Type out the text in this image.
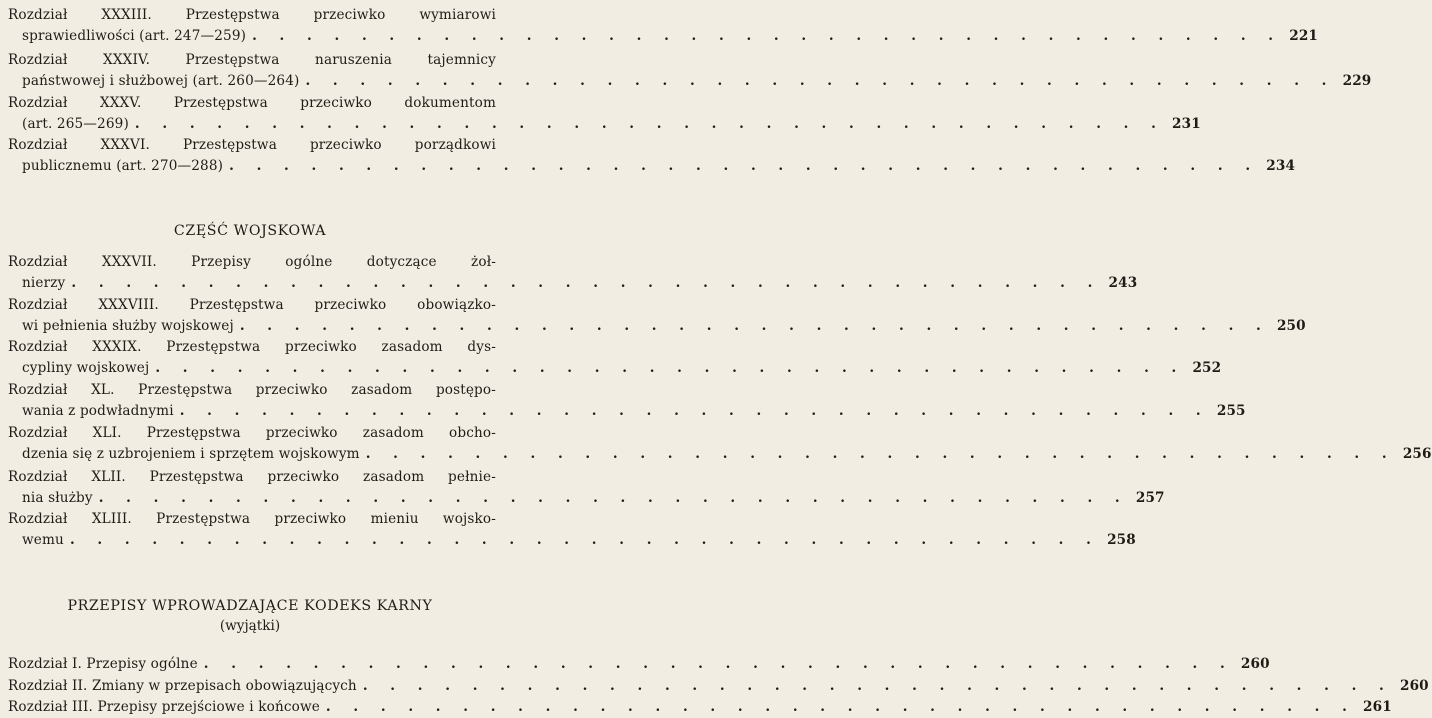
Rozdział XXXIII. Przestępstwa przeciwko wymiarowi
sprawiedliwości (art. 247—259) . . . . . . . . . . . . . . . . . . . . . . . . . . . . . . . . . . . . . . 221
Rozdział XXXIV. Przestępstwa naruszenia tajemnicy
państwowej i służbowej (art. 260—264) . . . . . . . . . . . . . . . . . . . . . . . . . . . . . . . . . . . . . . 229
Rozdział XXXV. Przestępstwa przeciwko dokumentom
(art. 265—269) . . . . . . . . . . . . . . . . . . . . . . . . . . . . . . . . . . . . . . 231
Rozdział XXXVI. Przestępstwa przeciwko porządkowi
publicznemu (art. 270—288) . . . . . . . . . . . . . . . . . . . . . . . . . . . . . . . . . . . . . . 234
CZĘŚĆ WOJSKOWA
Rozdział XXXVII. Przepisy ogólne dotyczące żoł-
nierzy . . . . . . . . . . . . . . . . . . . . . . . . . . . . . . . . . . . . . . 243
Rozdział XXXVIII. Przestępstwa przeciwko obowiązko-
wi pełnienia służby wojskowej . . . . . . . . . . . . . . . . . . . . . . . . . . . . . . . . . . . . . . 250
Rozdział XXXIX. Przestępstwa przeciwko zasadom dys-
cypliny wojskowej . . . . . . . . . . . . . . . . . . . . . . . . . . . . . . . . . . . . . . 252
Rozdział XL. Przestępstwa przeciwko zasadom postępo-
wania z podwładnymi . . . . . . . . . . . . . . . . . . . . . . . . . . . . . . . . . . . . . . 255
Rozdział XLI. Przestępstwa przeciwko zasadom obcho-
dzenia się z uzbrojeniem i sprzętem wojskowym . . . . . . . . . . . . . . . . . . . . . . . . . . . . . . . . . . . . . . 256
Rozdział XLII. Przestępstwa przeciwko zasadom pełnie-
nia służby . . . . . . . . . . . . . . . . . . . . . . . . . . . . . . . . . . . . . . 257
Rozdział XLIII. Przestępstwa przeciwko mieniu wojsko-
wemu . . . . . . . . . . . . . . . . . . . . . . . . . . . . . . . . . . . . . . 258
PRZEPISY WPROWADZAJĄCE KODEKS KARNY
(wyjątki)
Rozdział I. Przepisy ogólne . . . . . . . . . . . . . . . . . . . . . . . . . . . . . . . . . . . . . . 260
Rozdział II. Zmiany w przepisach obowiązujących . . . . . . . . . . . . . . . . . . . . . . . . . . . . . . . . . . . . . . 260
Rozdział III. Przepisy przejściowe i końcowe . . . . . . . . . . . . . . . . . . . . . . . . . . . . . . . . . . . . . . 261
